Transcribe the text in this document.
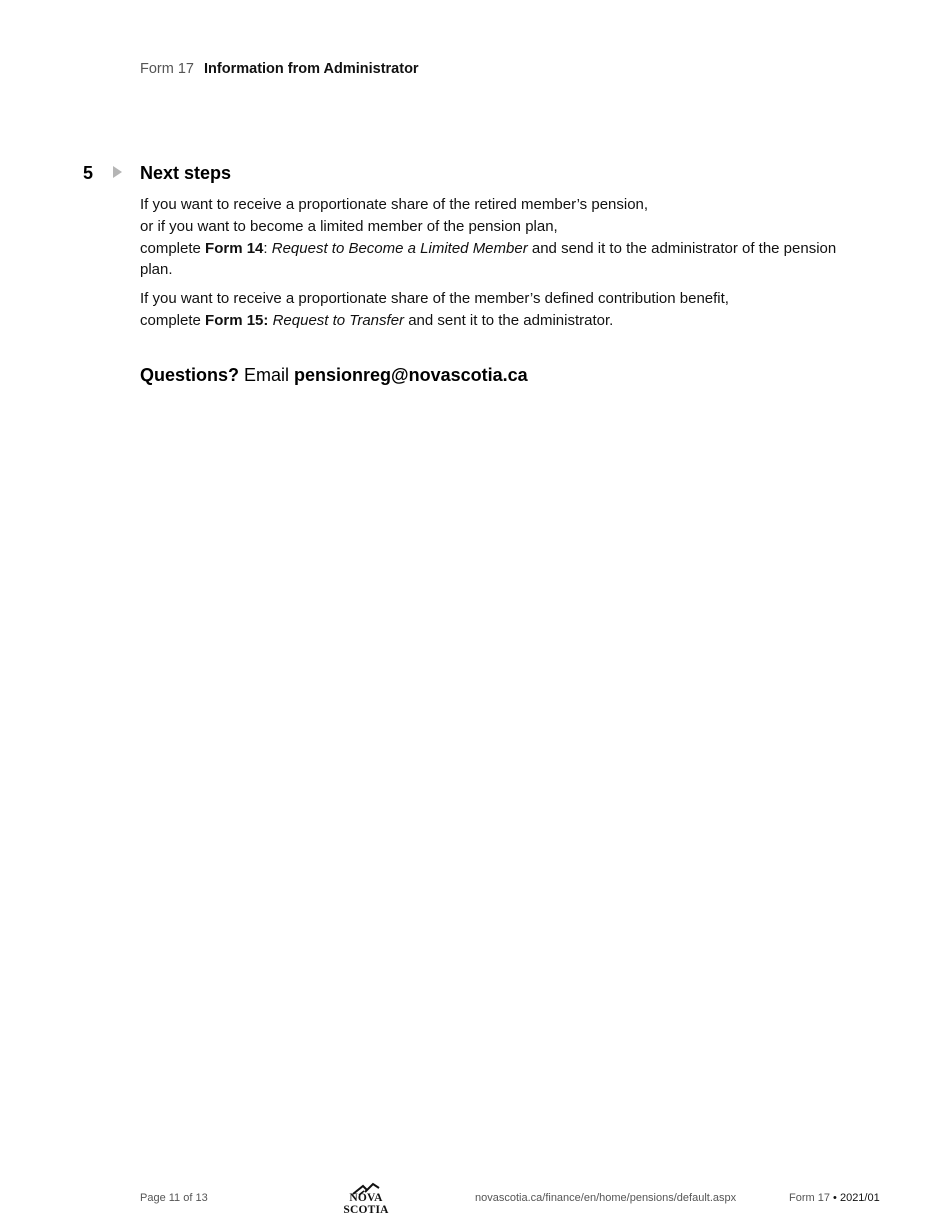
Form 17 Information from Administrator
5	Next steps
If you want to receive a proportionate share of the retired member’s pension,
or if you want to become a limited member of the pension plan,
complete Form 14: Request to Become a Limited Member and send it to the administrator of the pension plan.
If you want to receive a proportionate share of the member’s defined contribution benefit,
complete Form 15: Request to Transfer and sent it to the administrator.
Questions? Email pensionreg@novascotia.ca
Page 11 of 13	NOVA SCOTIA
novascotia.ca/finance/en/home/pensions/default.aspx	Form 17 • 2021/01
